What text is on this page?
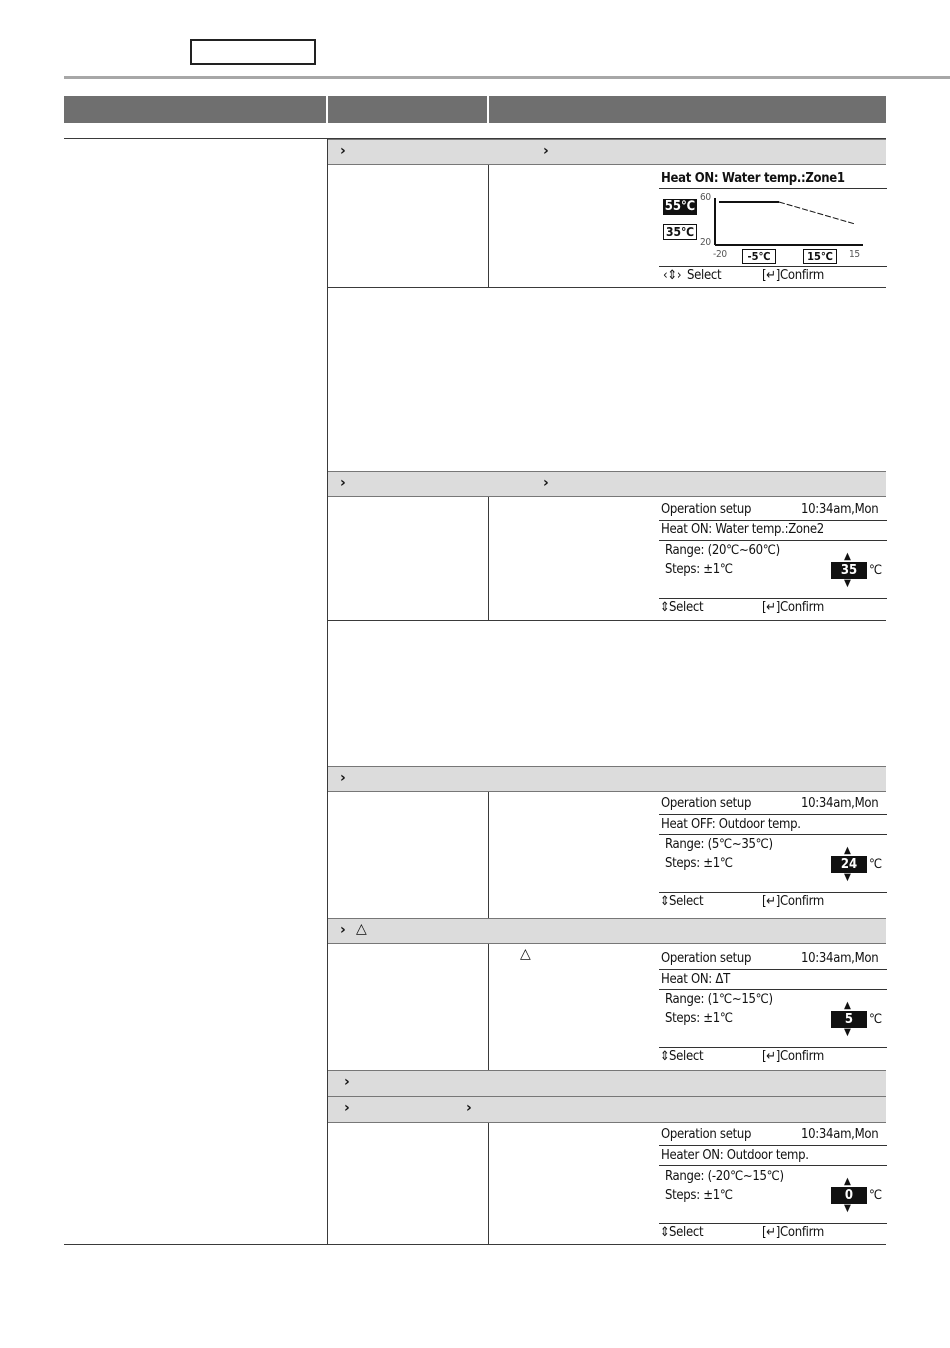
›	›
Heat ON: Water temp.:Zone1
60
20
55℃
35℃
-20	-5℃	15℃	15
‹⇕› Select	[↵]Confirm
›	›
Operation setup	10:34am,Mon
Heat ON: Water temp.:Zone2
Range: (20℃~60℃)
Steps: ±1℃
▲
35 ℃
▼
⇕ Select	[↵]Confirm
›
Operation setup	10:34am,Mon
Heat OFF: Outdoor temp.
Range: (5℃~35℃)
Steps: ±1℃
▲
24 ℃
▼
⇕ Select	[↵]Confirm
› △
△	Operation setup	10:34am,Mon
Heat ON: ΔT
Range: (1℃~15℃)
Steps: ±1℃
▲
5	℃
▼
⇕ Select	[↵]Confirm
›
›	›
Operation setup	10:34am,Mon
Heater ON: Outdoor temp.
Range: (-20℃~15℃)
Steps: ±1℃
▲
0	℃
▼
⇕ Select	[↵]Confirm
